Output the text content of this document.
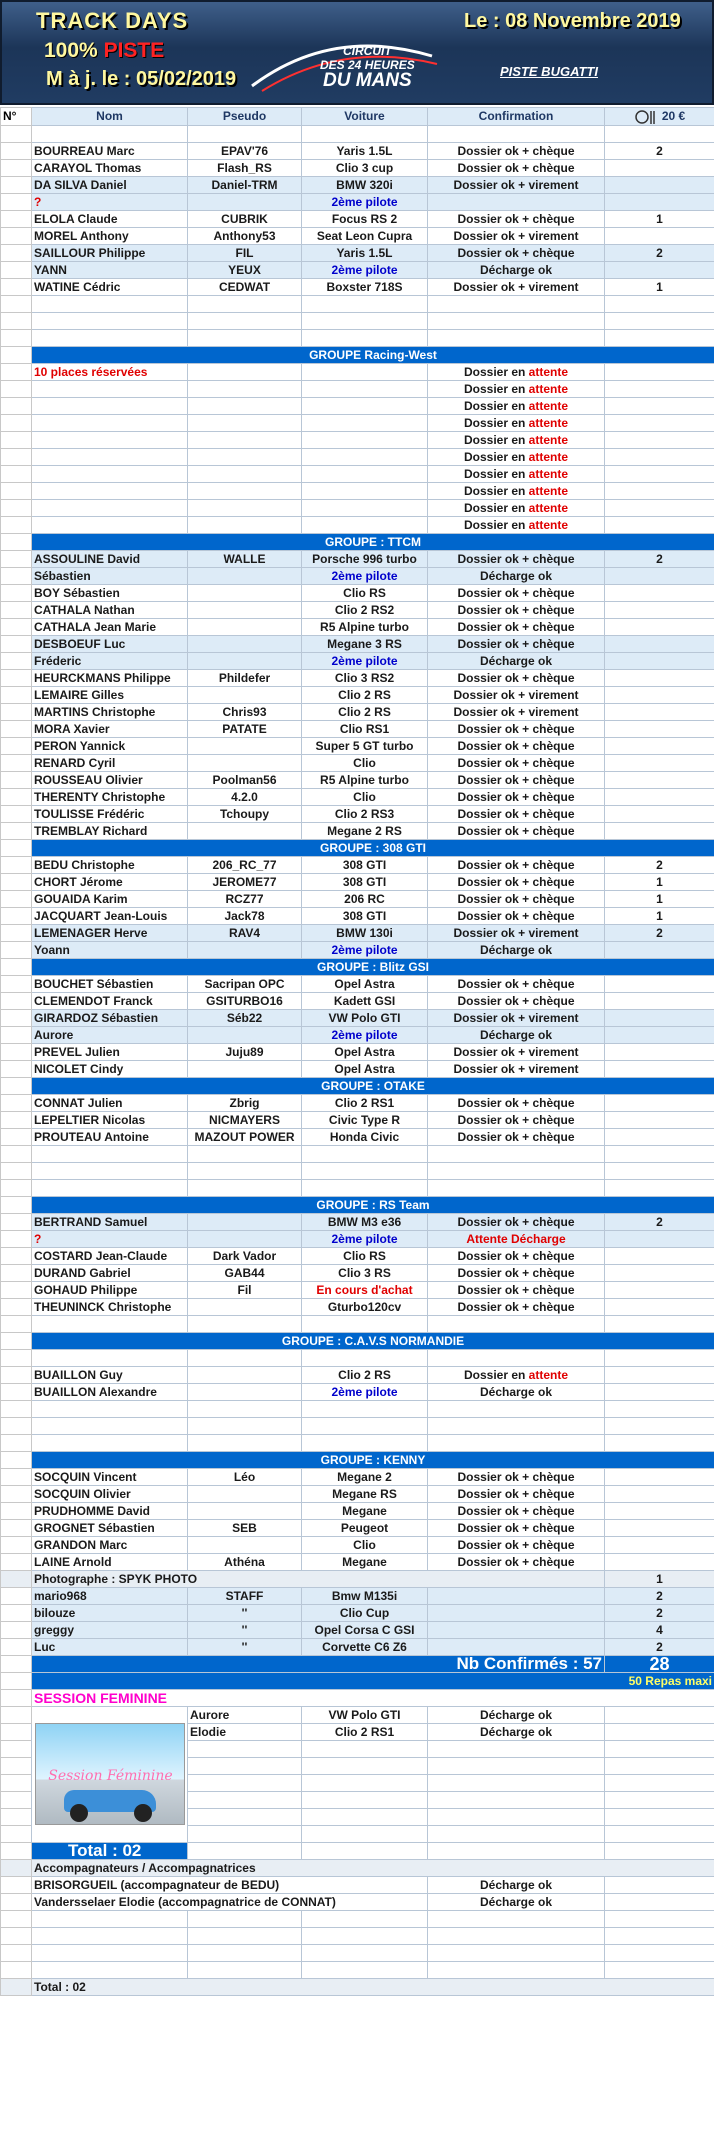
TRACK DAYS
100% PISTE
M à j. le : 05/02/2019
Le : 08 Novembre 2019
CIRCUIT
DES 24 HEURES
DU MANS	PISTE BUGATTI
N°	Nom	Pseudo	Voiture	Confirmation	20 €

	BOURREAU Marc	EPAV'76	Yaris 1.5L	Dossier ok + chèque	2
	CARAYOL Thomas	Flash_RS	Clio 3 cup	Dossier ok + chèque	
	DA SILVA Daniel	Daniel-TRM	BMW 320i	Dossier ok + virement	
	?		2ème pilote		
	ELOLA Claude	CUBRIK	Focus RS 2	Dossier ok + chèque	1
	MOREL Anthony	Anthony53	Seat Leon Cupra	Dossier ok + virement	
	SAILLOUR Philippe	FIL	Yaris 1.5L	Dossier ok + chèque	2
	YANN	YEUX	2ème pilote	Décharge ok	
	WATINE Cédric	CEDWAT	Boxster 718S	Dossier ok + virement	1

	GROUPE Racing-West				
	10 places réservées			Dossier en attente	
				Dossier en attente	
				Dossier en attente	
				Dossier en attente	
				Dossier en attente	
				Dossier en attente	
				Dossier en attente	
				Dossier en attente	
				Dossier en attente	
				Dossier en attente	
	GROUPE : TTCM				
	ASSOULINE David	WALLE	Porsche 996 turbo	Dossier ok + chèque	2
	Sébastien		2ème pilote	Décharge ok	
	BOY Sébastien		Clio RS	Dossier ok + chèque	
	CATHALA Nathan		Clio 2 RS2	Dossier ok + chèque	
	CATHALA Jean Marie		R5 Alpine turbo	Dossier ok + chèque	
	DESBOEUF Luc		Megane 3 RS	Dossier ok + chèque	
	Fréderic		2ème pilote	Décharge ok	
	HEURCKMANS Philippe	Phildefer	Clio 3 RS2	Dossier ok + chèque	
	LEMAIRE Gilles		Clio 2 RS	Dossier ok + virement	
	MARTINS Christophe	Chris93	Clio 2 RS	Dossier ok + virement	
	MORA Xavier	PATATE	Clio RS1	Dossier ok + chèque	
	PERON Yannick		Super 5 GT turbo	Dossier ok + chèque	
	RENARD Cyril		Clio	Dossier ok + chèque	
	ROUSSEAU Olivier	Poolman56	R5 Alpine turbo	Dossier ok + chèque	
	THERENTY Christophe	4.2.0	Clio	Dossier ok + chèque	
	TOULISSE Frédéric	Tchoupy	Clio 2 RS3	Dossier ok + chèque	
	TREMBLAY Richard		Megane 2 RS	Dossier ok + chèque	
	GROUPE : 308 GTI				
	BEDU Christophe	206_RC_77	308 GTI	Dossier ok + chèque	2
	CHORT Jérome	JEROME77	308 GTI	Dossier ok + chèque	1
	GOUAIDA Karim	RCZ77	206 RC	Dossier ok + chèque	1
	JACQUART Jean-Louis	Jack78	308 GTI	Dossier ok + chèque	1
	LEMENAGER Herve	RAV4	BMW 130i	Dossier ok + virement	2
	Yoann		2ème pilote	Décharge ok	
	GROUPE : Blitz GSI				
	BOUCHET Sébastien	Sacripan OPC	Opel Astra	Dossier ok + chèque	
	CLEMENDOT Franck	GSITURBO16	Kadett GSI	Dossier ok + chèque	
	GIRARDOZ Sébastien	Séb22	VW Polo GTI	Dossier ok + virement	
	Aurore		2ème pilote	Décharge ok	
	PREVEL Julien	Juju89	Opel Astra	Dossier ok + virement	
	NICOLET Cindy		Opel Astra	Dossier ok + virement	
	GROUPE : OTAKE				
	CONNAT Julien	Zbrig	Clio 2 RS1	Dossier ok + chèque	
	LEPELTIER Nicolas	NICMAYERS	Civic Type R	Dossier ok + chèque	
	PROUTEAU Antoine	MAZOUT POWER	Honda Civic	Dossier ok + chèque	

	GROUPE : RS Team				
	BERTRAND Samuel		BMW M3 e36	Dossier ok + chèque	2
	?		2ème pilote	Attente Décharge	
	COSTARD Jean-Claude	Dark Vador	Clio RS	Dossier ok + chèque	
	DURAND Gabriel	GAB44	Clio 3 RS	Dossier ok + chèque	
	GOHAUD Philippe	Fil	En cours d'achat	Dossier ok + chèque	
	THEUNINCK Christophe		Gturbo120cv	Dossier ok + chèque	

	GROUPE : C.A.V.S NORMANDIE				

	BUAILLON Guy		Clio 2 RS	Dossier en attente	
	BUAILLON Alexandre		2ème pilote	Décharge ok	

	GROUPE : KENNY				
	SOCQUIN Vincent	Léo	Megane 2	Dossier ok + chèque	
	SOCQUIN Olivier		Megane RS	Dossier ok + chèque	
	PRUDHOMME David		Megane	Dossier ok + chèque	
	GROGNET Sébastien	SEB	Peugeot	Dossier ok + chèque	
	GRANDON Marc		Clio	Dossier ok + chèque	
	LAINE Arnold	Athéna	Megane	Dossier ok + chèque	
	Photographe : SPYK PHOTO				1
	mario968	STAFF	Bmw M135i		2
	bilouze	''	Clio Cup		2
	greggy	''	Opel Corsa C GSI		4
	Luc	''	Corvette C6 Z6		2
	Nb Confirmés : 57				28
	50 Repas maxi				
	SESSION FEMININE				

	Session Féminine	Aurore	VW Polo GTI	Décharge ok	
		Elodie	Clio 2 RS1	Décharge ok	

	Total : 02				
	Accompagnateurs / Accompagnatrices				
	BRISORGUEIL (accompagnateur de BEDU)			Décharge ok	
	Vandersselaer Elodie (accompagnatrice de CONNAT)			Décharge ok	

	Total : 02				
